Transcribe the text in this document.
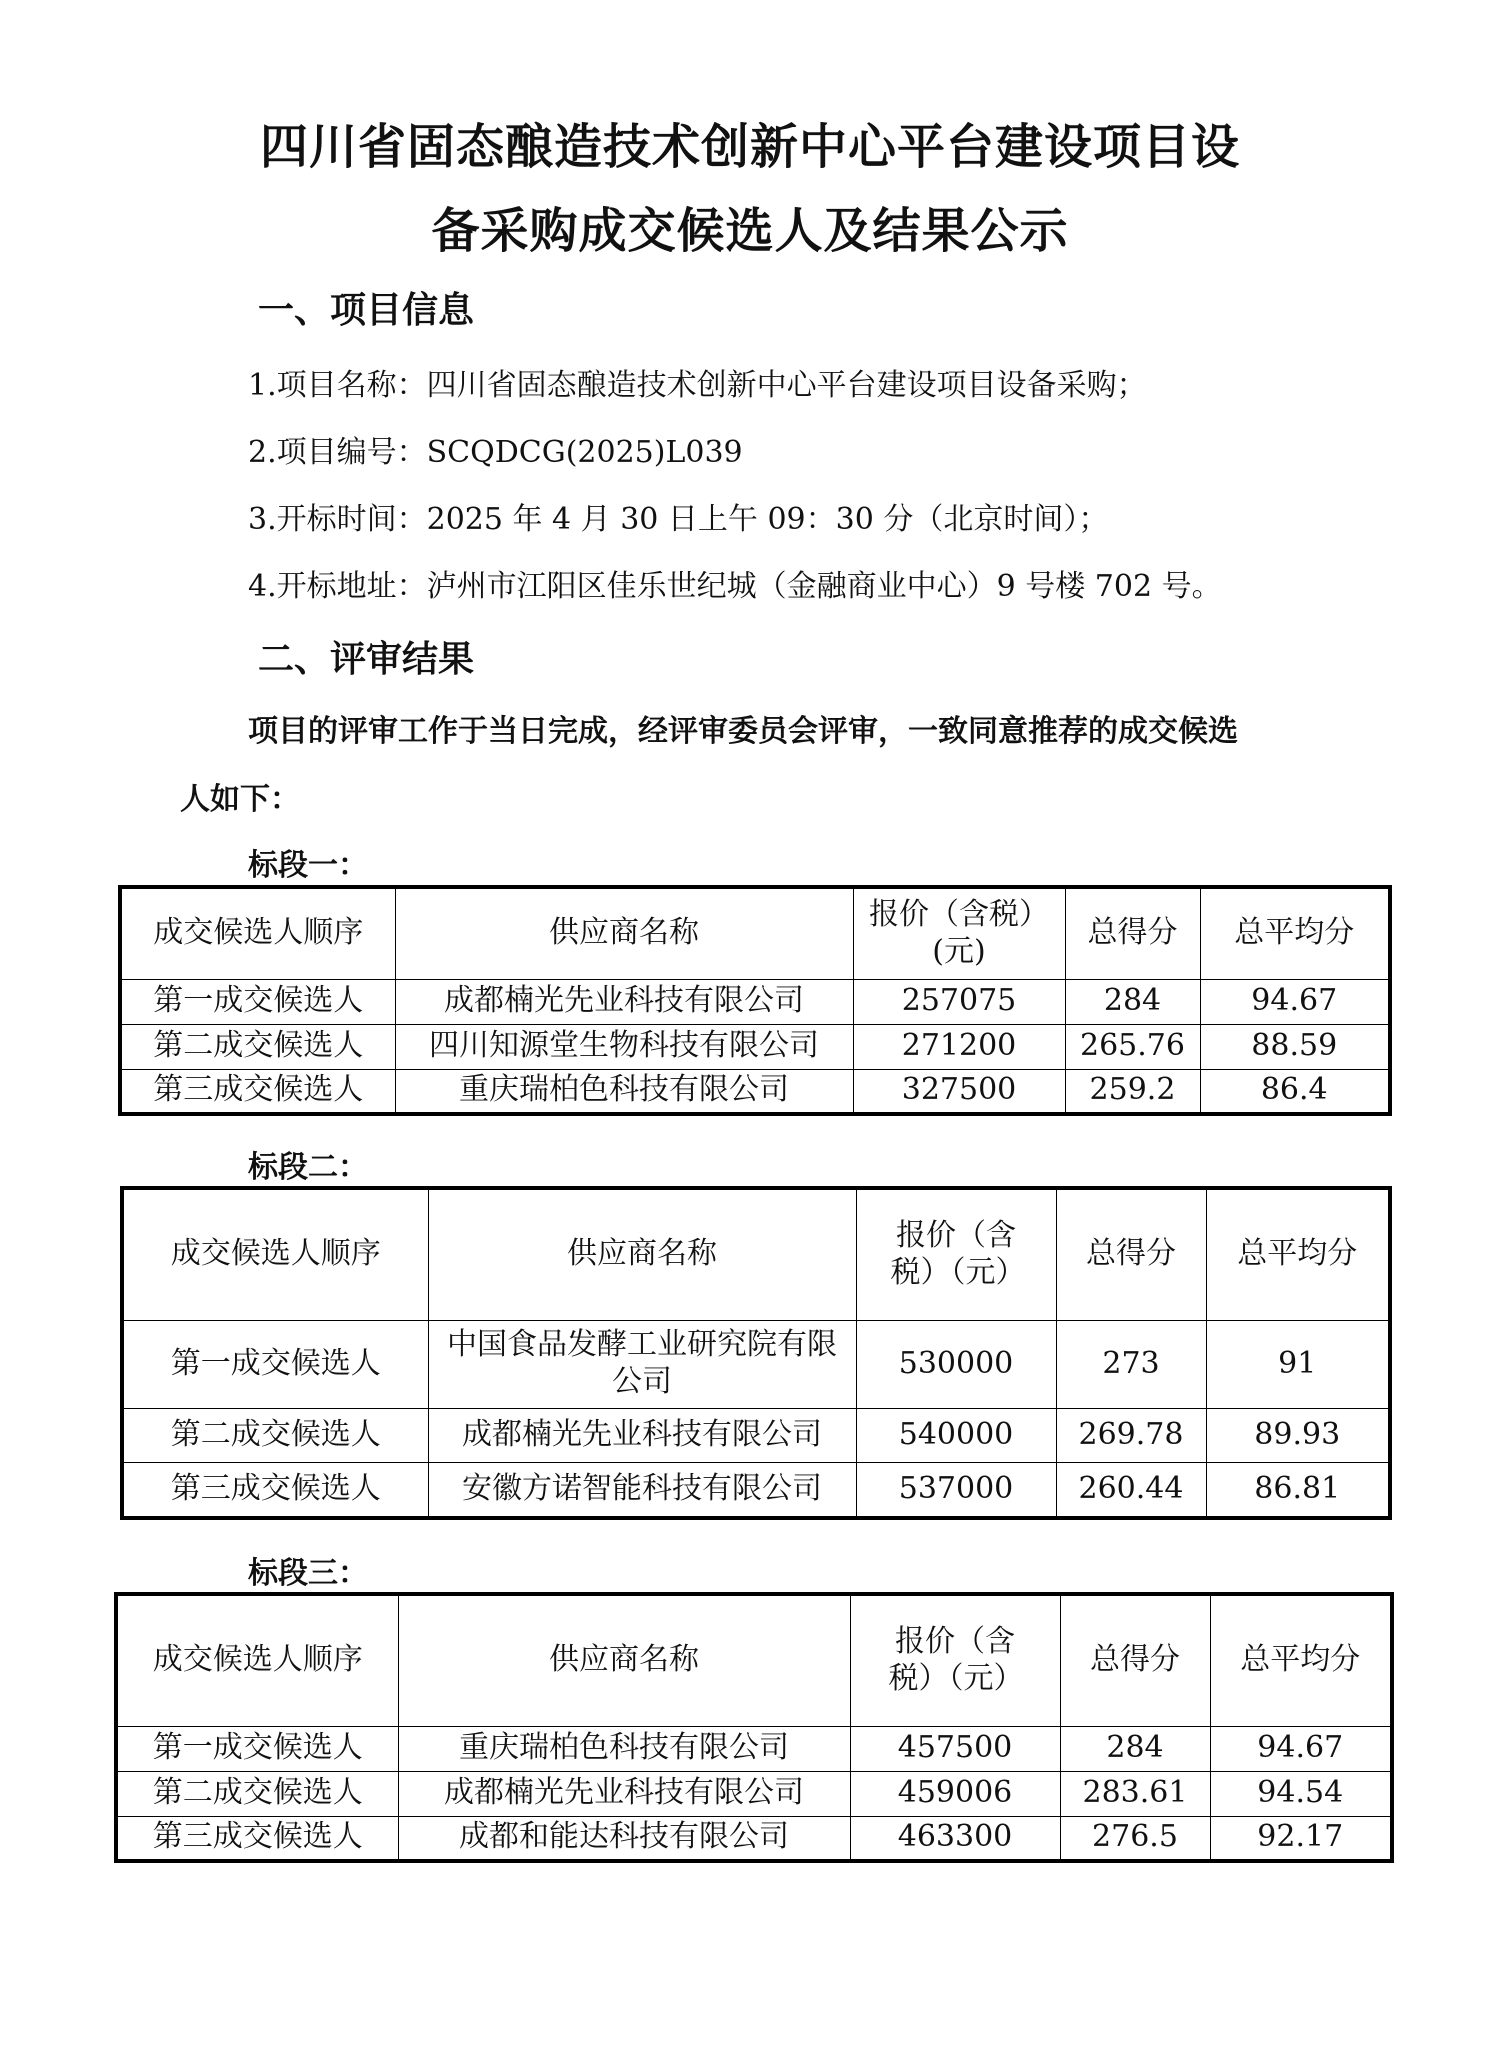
四川省固态酿造技术创新中心平台建设项目设
备采购成交候选人及结果公示
一、项目信息
1.项目名称：四川省固态酿造技术创新中心平台建设项目设备采购；
2.项目编号：SCQDCG(2025)L039
3.开标时间：2025 年 4 月 30 日上午 09：30 分（北京时间）；
4.开标地址：泸州市江阳区佳乐世纪城（金融商业中心）9 号楼 702 号。
二、评审结果
项目的评审工作于当日完成，经评审委员会评审，一致同意推荐的成交候选
人如下：
标段一：
成交候选人顺序	供应商名称	报价（含税）(元)	总得分	总平均分
第一成交候选人	成都楠光先业科技有限公司	257075	284	94.67
第二成交候选人	四川知源堂生物科技有限公司	271200	265.76	88.59
第三成交候选人	重庆瑞柏色科技有限公司	327500	259.2	86.4
标段二：
成交候选人顺序	供应商名称	报价（含税）（元）	总得分	总平均分
第一成交候选人	中国食品发酵工业研究院有限公司	530000	273	91
第二成交候选人	成都楠光先业科技有限公司	540000	269.78	89.93
第三成交候选人	安徽方诺智能科技有限公司	537000	260.44	86.81
标段三：
成交候选人顺序	供应商名称	报价（含税）（元）	总得分	总平均分
第一成交候选人	重庆瑞柏色科技有限公司	457500	284	94.67
第二成交候选人	成都楠光先业科技有限公司	459006	283.61	94.54
第三成交候选人	成都和能达科技有限公司	463300	276.5	92.17
